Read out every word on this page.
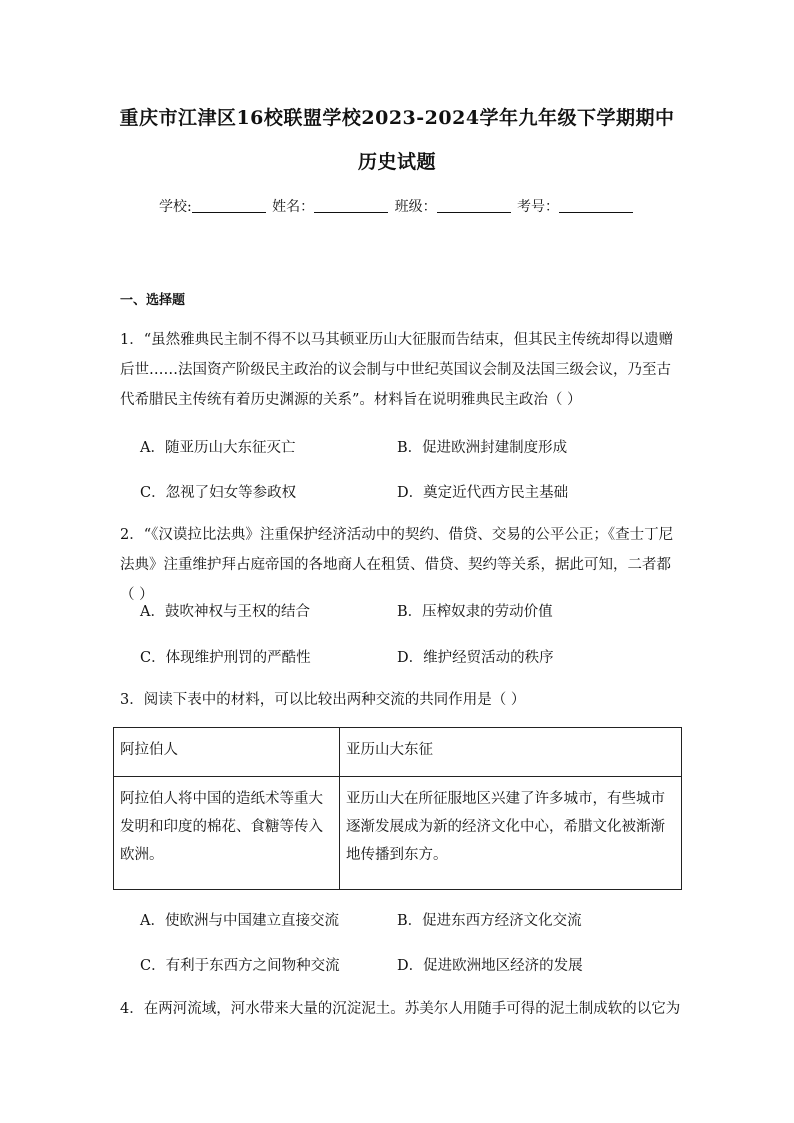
重庆市江津区16校联盟学校2023-2024学年九年级下学期期中
历史试题
学校:	姓名：	班级：	考号：
一、选择题
1．“虽然雅典民主制不得不以马其顿亚历山大征服而告结束，但其民主传统却得以遗赠后世……法国资产阶级民主政治的议会制与中世纪英国议会制及法国三级会议，乃至古代希腊民主传统有着历史渊源的关系”。材料旨在说明雅典民主政治（ ）
A．随亚历山大东征灭亡	B．促进欧洲封建制度形成
C．忽视了妇女等参政权	D．奠定近代西方民主基础
2．“《汉谟拉比法典》注重保护经济活动中的契约、借贷、交易的公平公正；《查士丁尼法典》注重维护拜占庭帝国的各地商人在租赁、借贷、契约等关系，据此可知，二者都（ ）
A．鼓吹神权与王权的结合	B．压榨奴隶的劳动价值
C．体现维护刑罚的严酷性	D．维护经贸活动的秩序
3．阅读下表中的材料，可以比较出两种交流的共同作用是（ ）
阿拉伯人	亚历山大东征
阿拉伯人将中国的造纸术等重大发明和印度的棉花、食糖等传入欧洲。	亚历山大在所征服地区兴建了许多城市，有些城市逐渐发展成为新的经济文化中心，希腊文化被渐渐地传播到东方。
A．使欧洲与中国建立直接交流	B．促进东西方经济文化交流
C．有利于东西方之间物种交流	D．促进欧洲地区经济的发展
4．在两河流域，河水带来大量的沉淀泥土。苏美尔人用随手可得的泥土制成软的以它为
